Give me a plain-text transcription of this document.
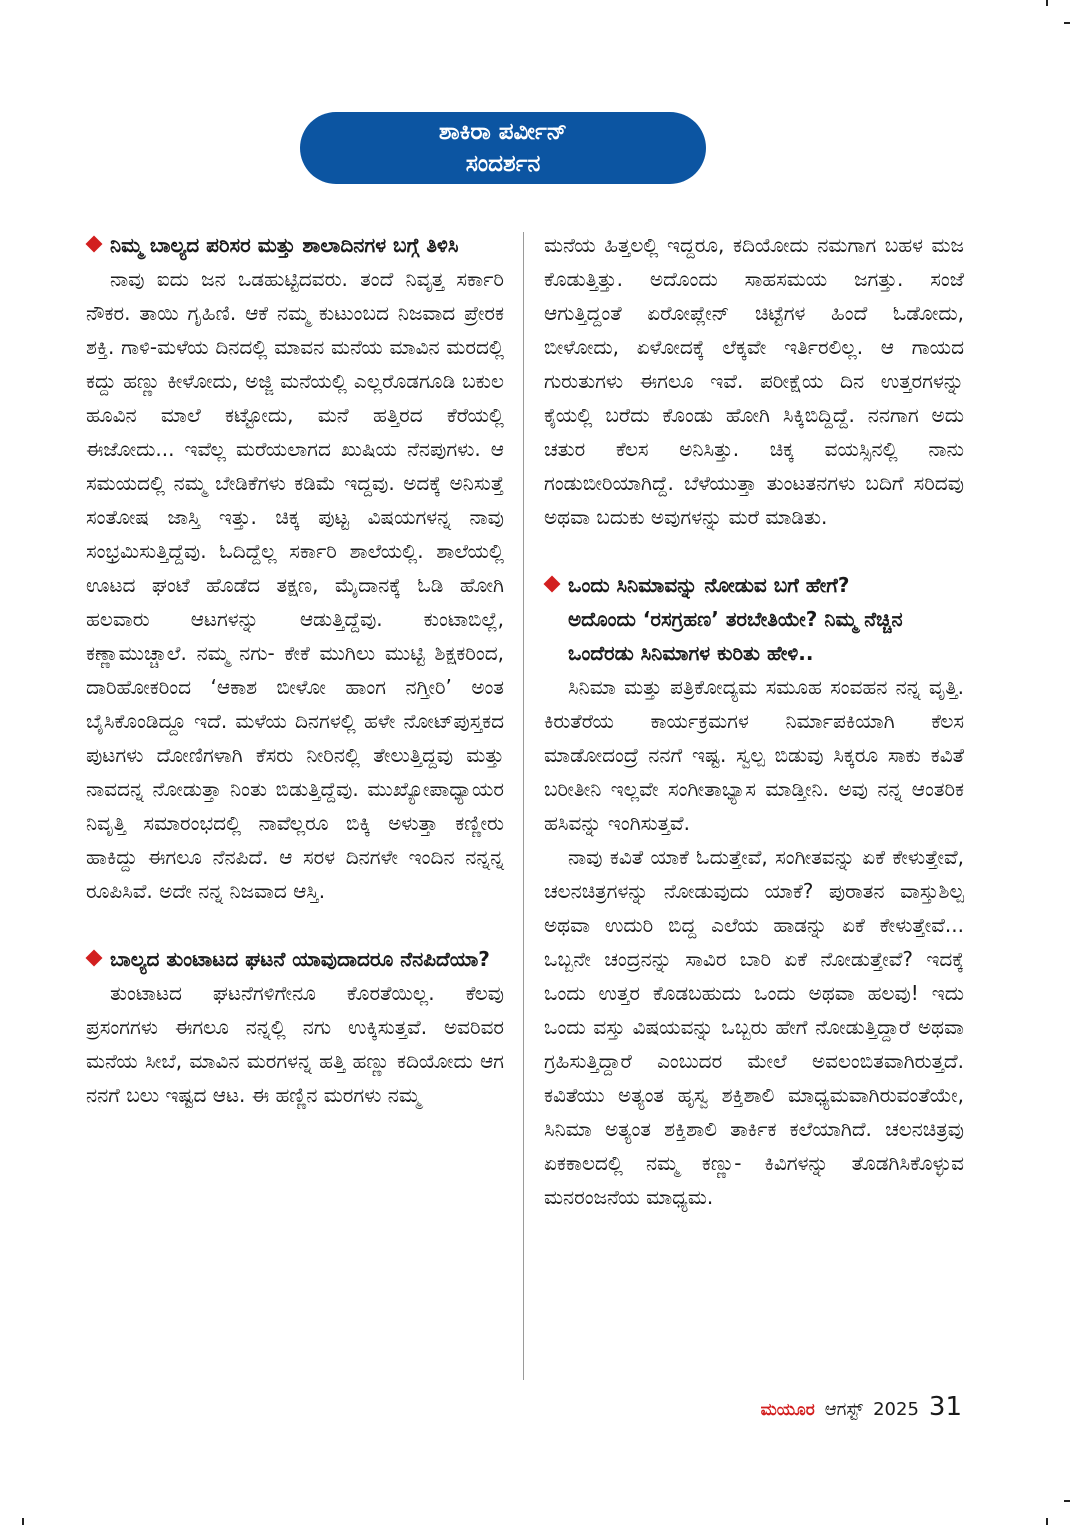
ಶಾಕಿರಾ ಪರ್ವೀನ್
ಸಂದರ್ಶನ
ನಿಮ್ಮ ಬಾಲ್ಯದ ಪರಿಸರ ಮತ್ತು ಶಾಲಾದಿನಗಳ ಬಗ್ಗೆ ತಿಳಿಸಿ

ನಾವು ಐದು ಜನ ಒಡಹುಟ್ಟಿದವರು. ತಂದೆ ನಿವೃತ್ತ ಸರ್ಕಾರಿ ನೌಕರ. ತಾಯಿ ಗೃಹಿಣಿ. ಆಕೆ ನಮ್ಮ ಕುಟುಂಬದ ನಿಜವಾದ ಪ್ರೇರಕ ಶಕ್ತಿ. ಗಾಳಿ-ಮಳೆಯ ದಿನದಲ್ಲಿ ಮಾವನ ಮನೆಯ ಮಾವಿನ ಮರದಲ್ಲಿ ಕದ್ದು ಹಣ್ಣು ಕೀಳೋದು, ಅಜ್ಜಿ ಮನೆಯಲ್ಲಿ ಎಲ್ಲರೊಡಗೂಡಿ ಬಕುಲ ಹೂವಿನ ಮಾಲೆ ಕಟ್ಟೋದು, ಮನೆ ಹತ್ತಿರದ ಕೆರೆಯಲ್ಲಿ ಈಜೋದು... ಇವೆಲ್ಲ ಮರೆಯಲಾಗದ ಖುಷಿಯ ನೆನಪುಗಳು. ಆ ಸಮಯದಲ್ಲಿ ನಮ್ಮ ಬೇಡಿಕೆಗಳು ಕಡಿಮೆ ಇದ್ದವು. ಅದಕ್ಕೆ ಅನಿಸುತ್ತೆ ಸಂತೋಷ ಜಾಸ್ತಿ ಇತ್ತು. ಚಿಕ್ಕ ಪುಟ್ಟ ವಿಷಯಗಳನ್ನ ನಾವು ಸಂಭ್ರಮಿಸುತ್ತಿದ್ದೆವು. ಓದಿದ್ದೆಲ್ಲ ಸರ್ಕಾರಿ ಶಾಲೆಯಲ್ಲಿ. ಶಾಲೆಯಲ್ಲಿ ಊಟದ ಘಂಟೆ ಹೊಡೆದ ತಕ್ಷಣ, ಮೈದಾನಕ್ಕೆ ಓಡಿ ಹೋಗಿ ಹಲವಾರು ಆಟಗಳನ್ನು ಆಡುತ್ತಿದ್ದೆವು. ಕುಂಟಾಬಿಲ್ಲೆ, ಕಣ್ಣಾಮುಚ್ಚಾಲೆ. ನಮ್ಮ ನಗು- ಕೇಕೆ ಮುಗಿಲು ಮುಟ್ಟಿ ಶಿಕ್ಷಕರಿಂದ, ದಾರಿಹೋಕರಿಂದ ‘ಆಕಾಶ ಬೀಳೋ ಹಾಂಗ ನಗ್ತೀರಿ’ ಅಂತ ಬೈಸಿಕೊಂಡಿದ್ದೂ ಇದೆ. ಮಳೆಯ ದಿನಗಳಲ್ಲಿ ಹಳೇ ನೋಟ್‌ಪುಸ್ತಕದ ಪುಟಗಳು ದೋಣಿಗಳಾಗಿ ಕೆಸರು ನೀರಿನಲ್ಲಿ ತೇಲುತ್ತಿದ್ದವು ಮತ್ತು ನಾವದನ್ನ ನೋಡುತ್ತಾ ನಿಂತು ಬಿಡುತ್ತಿದ್ದೆವು. ಮುಖ್ಯೋಪಾಧ್ಯಾಯರ ನಿವೃತ್ತಿ ಸಮಾರಂಭದಲ್ಲಿ ನಾವೆಲ್ಲರೂ ಬಿಕ್ಕಿ ಅಳುತ್ತಾ ಕಣ್ಣೀರು ಹಾಕಿದ್ದು ಈಗಲೂ ನೆನಪಿದೆ. ಆ ಸರಳ ದಿನಗಳೇ ಇಂದಿನ ನನ್ನನ್ನ ರೂಪಿಸಿವೆ. ಅದೇ ನನ್ನ ನಿಜವಾದ ಆಸ್ತಿ.

ಬಾಲ್ಯದ ತುಂಟಾಟದ ಘಟನೆ ಯಾವುದಾದರೂ ನೆನಪಿದೆಯಾ?

ತುಂಟಾಟದ ಘಟನೆಗಳಿಗೇನೂ ಕೊರತೆಯಿಲ್ಲ. ಕೆಲವು ಪ್ರಸಂಗಗಳು ಈಗಲೂ ನನ್ನಲ್ಲಿ ನಗು ಉಕ್ಕಿಸುತ್ತವೆ. ಅವರಿವರ ಮನೆಯ ಸೀಬೆ, ಮಾವಿನ ಮರಗಳನ್ನ ಹತ್ತಿ ಹಣ್ಣು ಕದಿಯೋದು ಆಗ ನನಗೆ ಬಲು ಇಷ್ಟದ ಆಟ. ಈ ಹಣ್ಣಿನ ಮರಗಳು ನಮ್ಮ

ಮನೆಯ ಹಿತ್ತಲಲ್ಲಿ ಇದ್ದರೂ, ಕದಿಯೋದು ನಮಗಾಗ ಬಹಳ ಮಜ ಕೊಡುತ್ತಿತ್ತು. ಅದೊಂದು ಸಾಹಸಮಯ ಜಗತ್ತು. ಸಂಜೆ ಆಗುತ್ತಿದ್ದಂತೆ ಏರೋಪ್ಲೇನ್ ಚಿಟ್ಟೆಗಳ ಹಿಂದೆ ಓಡೋದು, ಬೀಳೋದು, ಏಳೋದಕ್ಕೆ ಲೆಕ್ಕವೇ ಇರ್ತಿರಲಿಲ್ಲ. ಆ ಗಾಯದ ಗುರುತುಗಳು ಈಗಲೂ ಇವೆ. ಪರೀಕ್ಷೆಯ ದಿನ ಉತ್ತರಗಳನ್ನು ಕೈಯಲ್ಲಿ ಬರೆದು ಕೊಂಡು ಹೋಗಿ ಸಿಕ್ಕಿಬಿದ್ದಿದ್ದೆ. ನನಗಾಗ ಅದು ಚತುರ ಕೆಲಸ ಅನಿಸಿತ್ತು. ಚಿಕ್ಕ ವಯಸ್ಸಿನಲ್ಲಿ ನಾನು ಗಂಡುಬೀರಿಯಾಗಿದ್ದೆ. ಬೆಳೆಯುತ್ತಾ ತುಂಟತನಗಳು ಬದಿಗೆ ಸರಿದವು ಅಥವಾ ಬದುಕು ಅವುಗಳನ್ನು ಮರೆ ಮಾಡಿತು.

ಒಂದು ಸಿನಿಮಾವನ್ನು ನೋಡುವ ಬಗೆ ಹೇಗೆ?
ಅದೊಂದು ‘ರಸಗ್ರಹಣ’ ತರಬೇತಿಯೇ? ನಿಮ್ಮ ನೆಚ್ಚಿನ ಒಂದೆರಡು ಸಿನಿಮಾಗಳ ಕುರಿತು ಹೇಳಿ..

ಸಿನಿಮಾ ಮತ್ತು ಪತ್ರಿಕೋದ್ಯಮ ಸಮೂಹ ಸಂವಹನ ನನ್ನ ವೃತ್ತಿ. ಕಿರುತೆರೆಯ ಕಾರ್ಯಕ್ರಮಗಳ ನಿರ್ಮಾಪಕಿಯಾಗಿ ಕೆಲಸ ಮಾಡೋದಂದ್ರೆ ನನಗೆ ಇಷ್ಟ. ಸ್ವಲ್ಪ ಬಿಡುವು ಸಿಕ್ಕರೂ ಸಾಕು ಕವಿತೆ ಬರೀತೀನಿ ಇಲ್ಲವೇ ಸಂಗೀತಾಭ್ಯಾಸ ಮಾಡ್ತೀನಿ. ಅವು ನನ್ನ ಆಂತರಿಕ ಹಸಿವನ್ನು ಇಂಗಿಸುತ್ತವೆ.

ನಾವು ಕವಿತೆ ಯಾಕೆ ಓದುತ್ತೇವೆ, ಸಂಗೀತವನ್ನು ಏಕೆ ಕೇಳುತ್ತೇವೆ, ಚಲನಚಿತ್ರಗಳನ್ನು ನೋಡುವುದು ಯಾಕೆ? ಪುರಾತನ ವಾಸ್ತುಶಿಲ್ಪ ಅಥವಾ ಉದುರಿ ಬಿದ್ದ ಎಲೆಯ ಹಾಡನ್ನು ಏಕೆ ಕೇಳುತ್ತೇವೆ... ಒಬ್ಬನೇ ಚಂದ್ರನನ್ನು ಸಾವಿರ ಬಾರಿ ಏಕೆ ನೋಡುತ್ತೇವೆ? ಇದಕ್ಕೆ ಒಂದು ಉತ್ತರ ಕೊಡಬಹುದು ಒಂದು ಅಥವಾ ಹಲವು! ಇದು ಒಂದು ವಸ್ತು ವಿಷಯವನ್ನು ಒಬ್ಬರು ಹೇಗೆ ನೋಡುತ್ತಿದ್ದಾರೆ ಅಥವಾ ಗ್ರಹಿಸುತ್ತಿದ್ದಾರೆ ಎಂಬುದರ ಮೇಲೆ ಅವಲಂಬಿತವಾಗಿರುತ್ತದೆ. ಕವಿತೆಯು ಅತ್ಯಂತ ಹೃಸ್ವ ಶಕ್ತಿಶಾಲಿ ಮಾಧ್ಯಮವಾಗಿರುವಂತೆಯೇ, ಸಿನಿಮಾ ಅತ್ಯಂತ ಶಕ್ತಿಶಾಲಿ ತಾರ್ಕಿಕ ಕಲೆಯಾಗಿದೆ. ಚಲನಚಿತ್ರವು ಏಕಕಾಲದಲ್ಲಿ ನಮ್ಮ ಕಣ್ಣು- ಕಿವಿಗಳನ್ನು ತೊಡಗಿಸಿಕೊಳ್ಳುವ ಮನರಂಜನೆಯ ಮಾಧ್ಯಮ.

ಮಯೂರ ಆಗಸ್ಟ್ 2025 31
